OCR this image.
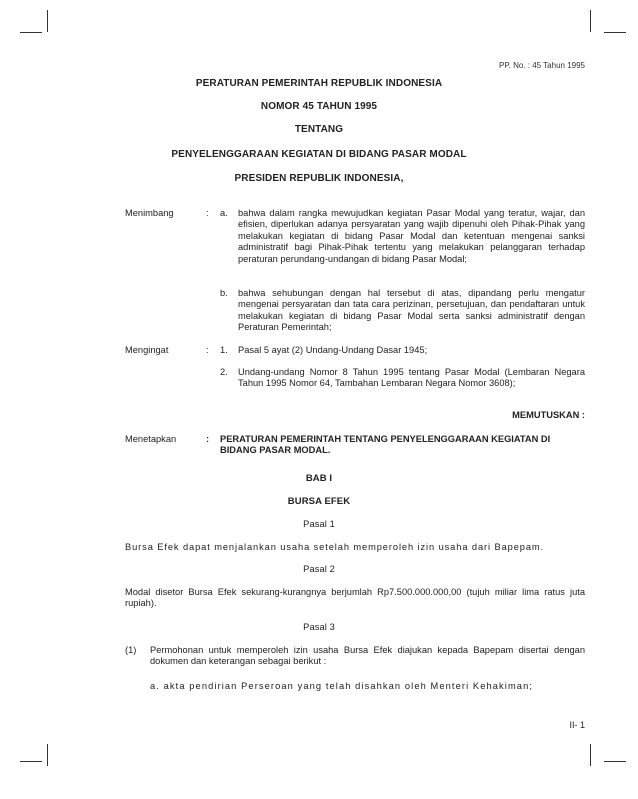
PP. No. : 45 Tahun 1995
PERATURAN PEMERINTAH REPUBLIK INDONESIA
NOMOR 45 TAHUN 1995
TENTANG
PENYELENGGARAAN KEGIATAN DI BIDANG PASAR MODAL
PRESIDEN REPUBLIK INDONESIA,
Menimbang	: a. bahwa dalam rangka mewujudkan kegiatan Pasar Modal yang teratur, wajar, dan efisien, diperlukan adanya persyaratan yang wajib dipenuhi oleh Pihak-Pihak yang melakukan kegiatan di bidang Pasar Modal dan ketentuan mengenai sanksi administratif bagi Pihak-Pihak tertentu yang melakukan pelanggaran terhadap peraturan perundang-undangan di bidang Pasar Modal;
b. bahwa sehubungan dengan hal tersebut di atas, dipandang perlu mengatur mengenai persyaratan dan tata cara perizinan, persetujuan, dan pendaftaran untuk melakukan kegiatan di bidang Pasar Modal serta sanksi administratif dengan Peraturan Pemerintah;
Mengingat	: 1. Pasal 5 ayat (2) Undang-Undang Dasar 1945;
2. Undang-undang Nomor 8 Tahun 1995 tentang Pasar Modal (Lembaran Negara Tahun 1995 Nomor 64, Tambahan Lembaran Negara Nomor 3608);
MEMUTUSKAN :
Menetapkan	: PERATURAN PEMERINTAH TENTANG PENYELENGGARAAN KEGIATAN DI BIDANG PASAR MODAL.
BAB I
BURSA EFEK
Pasal 1
Bursa Efek dapat menjalankan usaha setelah memperoleh izin usaha dari Bapepam.
Pasal 2
Modal disetor Bursa Efek sekurang-kurangnya berjumlah Rp7.500.000.000,00 (tujuh miliar lima ratus juta rupiah).
Pasal 3
(1) Permohonan untuk memperoleh izin usaha Bursa Efek diajukan kepada Bapepam disertai dengan dokumen dan keterangan sebagai berikut :
a. akta pendirian Perseroan yang telah disahkan oleh Menteri Kehakiman;
II- 1
